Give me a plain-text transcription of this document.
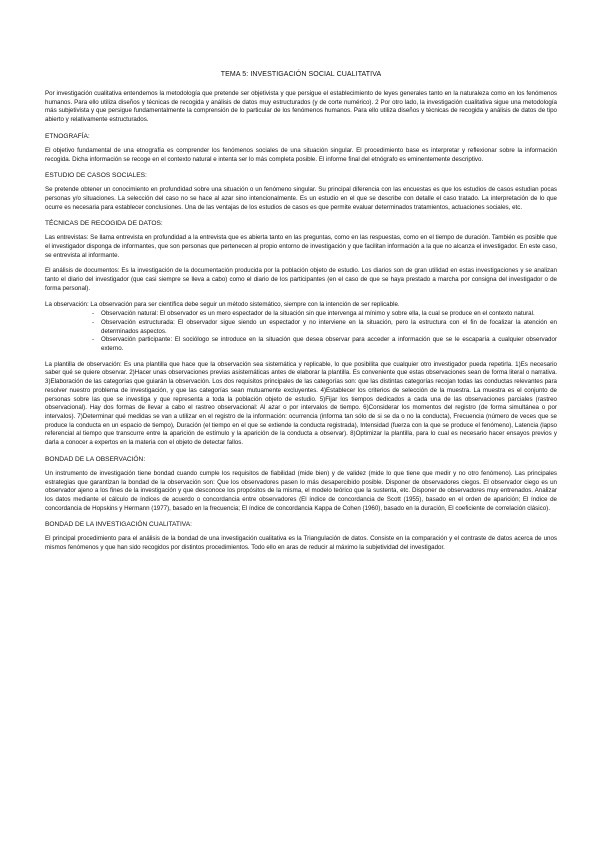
TEMA 5: INVESTIGACIÓN SOCIAL CUALITATIVA

Por investigación cualitativa entendemos la metodología que pretende ser objetivista y que persigue el establecimiento de leyes generales tanto en la naturaleza como en los fenómenos humanos. Para ello utiliza diseños y técnicas de recogida y análisis de datos muy estructurados (y de corte numérico). 2 Por otro lado, la investigación cualitativa sigue una metodología más subjetivista y que persigue fundamentalmente la comprensión de lo particular de los fenómenos humanos. Para ello utiliza diseños y técnicas de recogida y análisis de datos de tipo abierto y relativamente estructurados.

ETNOGRAFÍA:

El objetivo fundamental de una etnografía es comprender los fenómenos sociales de una situación singular. El procedimiento base es interpretar y reflexionar sobre la información recogida. Dicha información se recoge en el contexto natural e intenta ser lo más completa posible. El informe final del etnógrafo es eminentemente descriptivo.

ESTUDIO DE CASOS SOCIALES:

Se pretende obtener un conocimiento en profundidad sobre una situación o un fenómeno singular. Su principal diferencia con las encuestas es que los estudios de casos estudian pocas personas y/o situaciones. La selección del caso no se hace al azar sino intencionalmente. Es un estudio en el que se describe con detalle el caso tratado. La interpretación de lo que ocurre es necesaria para establecer conclusiones. Una de las ventajas de los estudios de casos es que permite evaluar determinados tratamientos, actuaciones sociales, etc.

TÉCNICAS DE RECOGIDA DE DATOS:

Las entrevistas: Se llama entrevista en profundidad a la entrevista que es abierta tanto en las preguntas, como en las respuestas, como en el tiempo de duración. También es posible que el investigador disponga de informantes, que son personas que pertenecen al propio entorno de investigación y que facilitan información a la que no alcanza el investigador. En este caso, se entrevista al informante.

El análisis de documentos: Es la investigación de la documentación producida por la población objeto de estudio. Los diarios son de gran utilidad en estas investigaciones y se analizan tanto el diario del investigador (que casi siempre se lleva a cabo) como el diario de los participantes (en el caso de que se haya prestado a marcha por consigna del investigador o de forma personal).

La observación: La observación para ser científica debe seguir un método sistemático, siempre con la intención de ser replicable.

- Observación natural: El observador es un mero espectador de la situación sin que intervenga al mínimo y sobre ella, la cual se produce en el contexto natural.
- Observación estructurada: El observador sigue siendo un espectador y no interviene en la situación, pero la estructura con el fin de focalizar la atención en determinados aspectos.
- Observación participante: El sociólogo se introduce en la situación que desea observar para acceder a información que se le escaparía a cualquier observador externo.

La plantilla de observación: Es una plantilla que hace que la observación sea sistemática y replicable, lo que posibilita que cualquier otro investigador pueda repetirla. 1)Es necesario saber qué se quiere observar. 2)Hacer unas observaciones previas asistemáticas antes de elaborar la plantilla. Es conveniente que estas observaciones sean de forma literal o narrativa. 3)Elaboración de las categorías que guiarán la observación. Los dos requisitos principales de las categorías son: que las distintas categorías recojan todas las conductas relevantes para resolver nuestro problema de investigación, y que las categorías sean mutuamente excluyentes. 4)Establecer los criterios de selección de la muestra. La muestra es el conjunto de personas sobre las que se investiga y que representa a toda la población objeto de estudio. 5)Fijar los tiempos dedicados a cada una de las observaciones parciales (rastreo observacional). Hay dos formas de llevar a cabo el rastreo observacional: Al azar o por intervalos de tiempo. 6)Considerar los momentos del registro (de forma simultánea o por intervalos). 7)Determinar qué medidas se van a utilizar en el registro de la información: ocurrencia (informa tan sólo de si se da o no la conducta), Frecuencia (número de veces que se produce la conducta en un espacio de tiempo), Duración (el tiempo en el que se extiende la conducta registrada), Intensidad (fuerza con la que se produce el fenómeno), Latencia (lapso referencial al tiempo que transcurre entre la aparición de estímulo y la aparición de la conducta a observar). 8)Optimizar la plantilla, para lo cual es necesario hacer ensayos previos y darla a conocer a expertos en la materia con el objeto de detectar fallos.

BONDAD DE LA OBSERVACIÓN:

Un instrumento de investigación tiene bondad cuando cumple los requisitos de fiabilidad (mide bien) y de validez (mide lo que tiene que medir y no otro fenómeno). Las principales estrategias que garantizan la bondad de la observación son: Que los observadores pasen lo más desapercibido posible. Disponer de observadores ciegos. El observador ciego es un observador ajeno a los fines de la investigación y que desconoce los propósitos de la misma, el modelo teórico que la sustenta, etc. Disponer de observadores muy entrenados. Analizar los datos mediante el cálculo de índices de acuerdo o concordancia entre observadores (El índice de concordancia de Scott (1955), basado en el orden de aparición; El índice de concordancia de Hopskins y Hermann (1977), basado en la frecuencia; El índice de concordancia Kappa de Cohen (1960), basado en la duración, El coeficiente de correlación clásico).

BONDAD DE LA INVESTIGACIÓN CUALITATIVA:

El principal procedimiento para el análisis de la bondad de una investigación cualitativa es la Triangulación de datos. Consiste en la comparación y el contraste de datos acerca de unos mismos fenómenos y que han sido recogidos por distintos procedimientos. Todo ello en aras de reducir al máximo la subjetividad del investigador.
